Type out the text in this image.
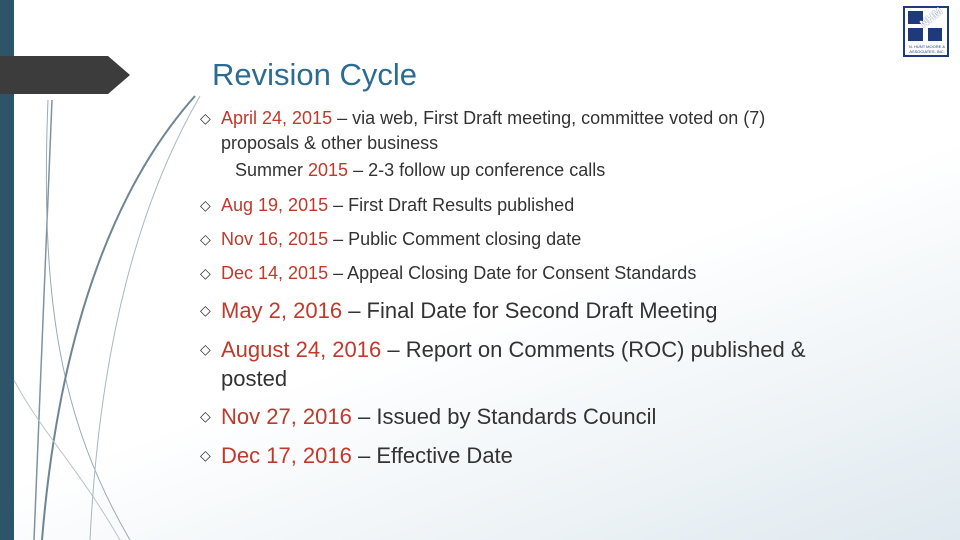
Revision Cycle
NHM
N. HUNT MOORE & ASSOCIATES, INC.
◇ April 24, 2015 – via web, First Draft meeting, committee voted on (7)
proposals & other business
Summer 2015 – 2-3 follow up conference calls
◇ Aug 19, 2015 – First Draft Results published
◇ Nov 16, 2015 – Public Comment closing date
◇ Dec 14, 2015 – Appeal Closing Date for Consent Standards
◇ May 2, 2016 – Final Date for Second Draft Meeting
◇ August 24, 2016 – Report on Comments (ROC) published &
posted
◇ Nov 27, 2016 – Issued by Standards Council
◇ Dec 17, 2016 – Effective Date
